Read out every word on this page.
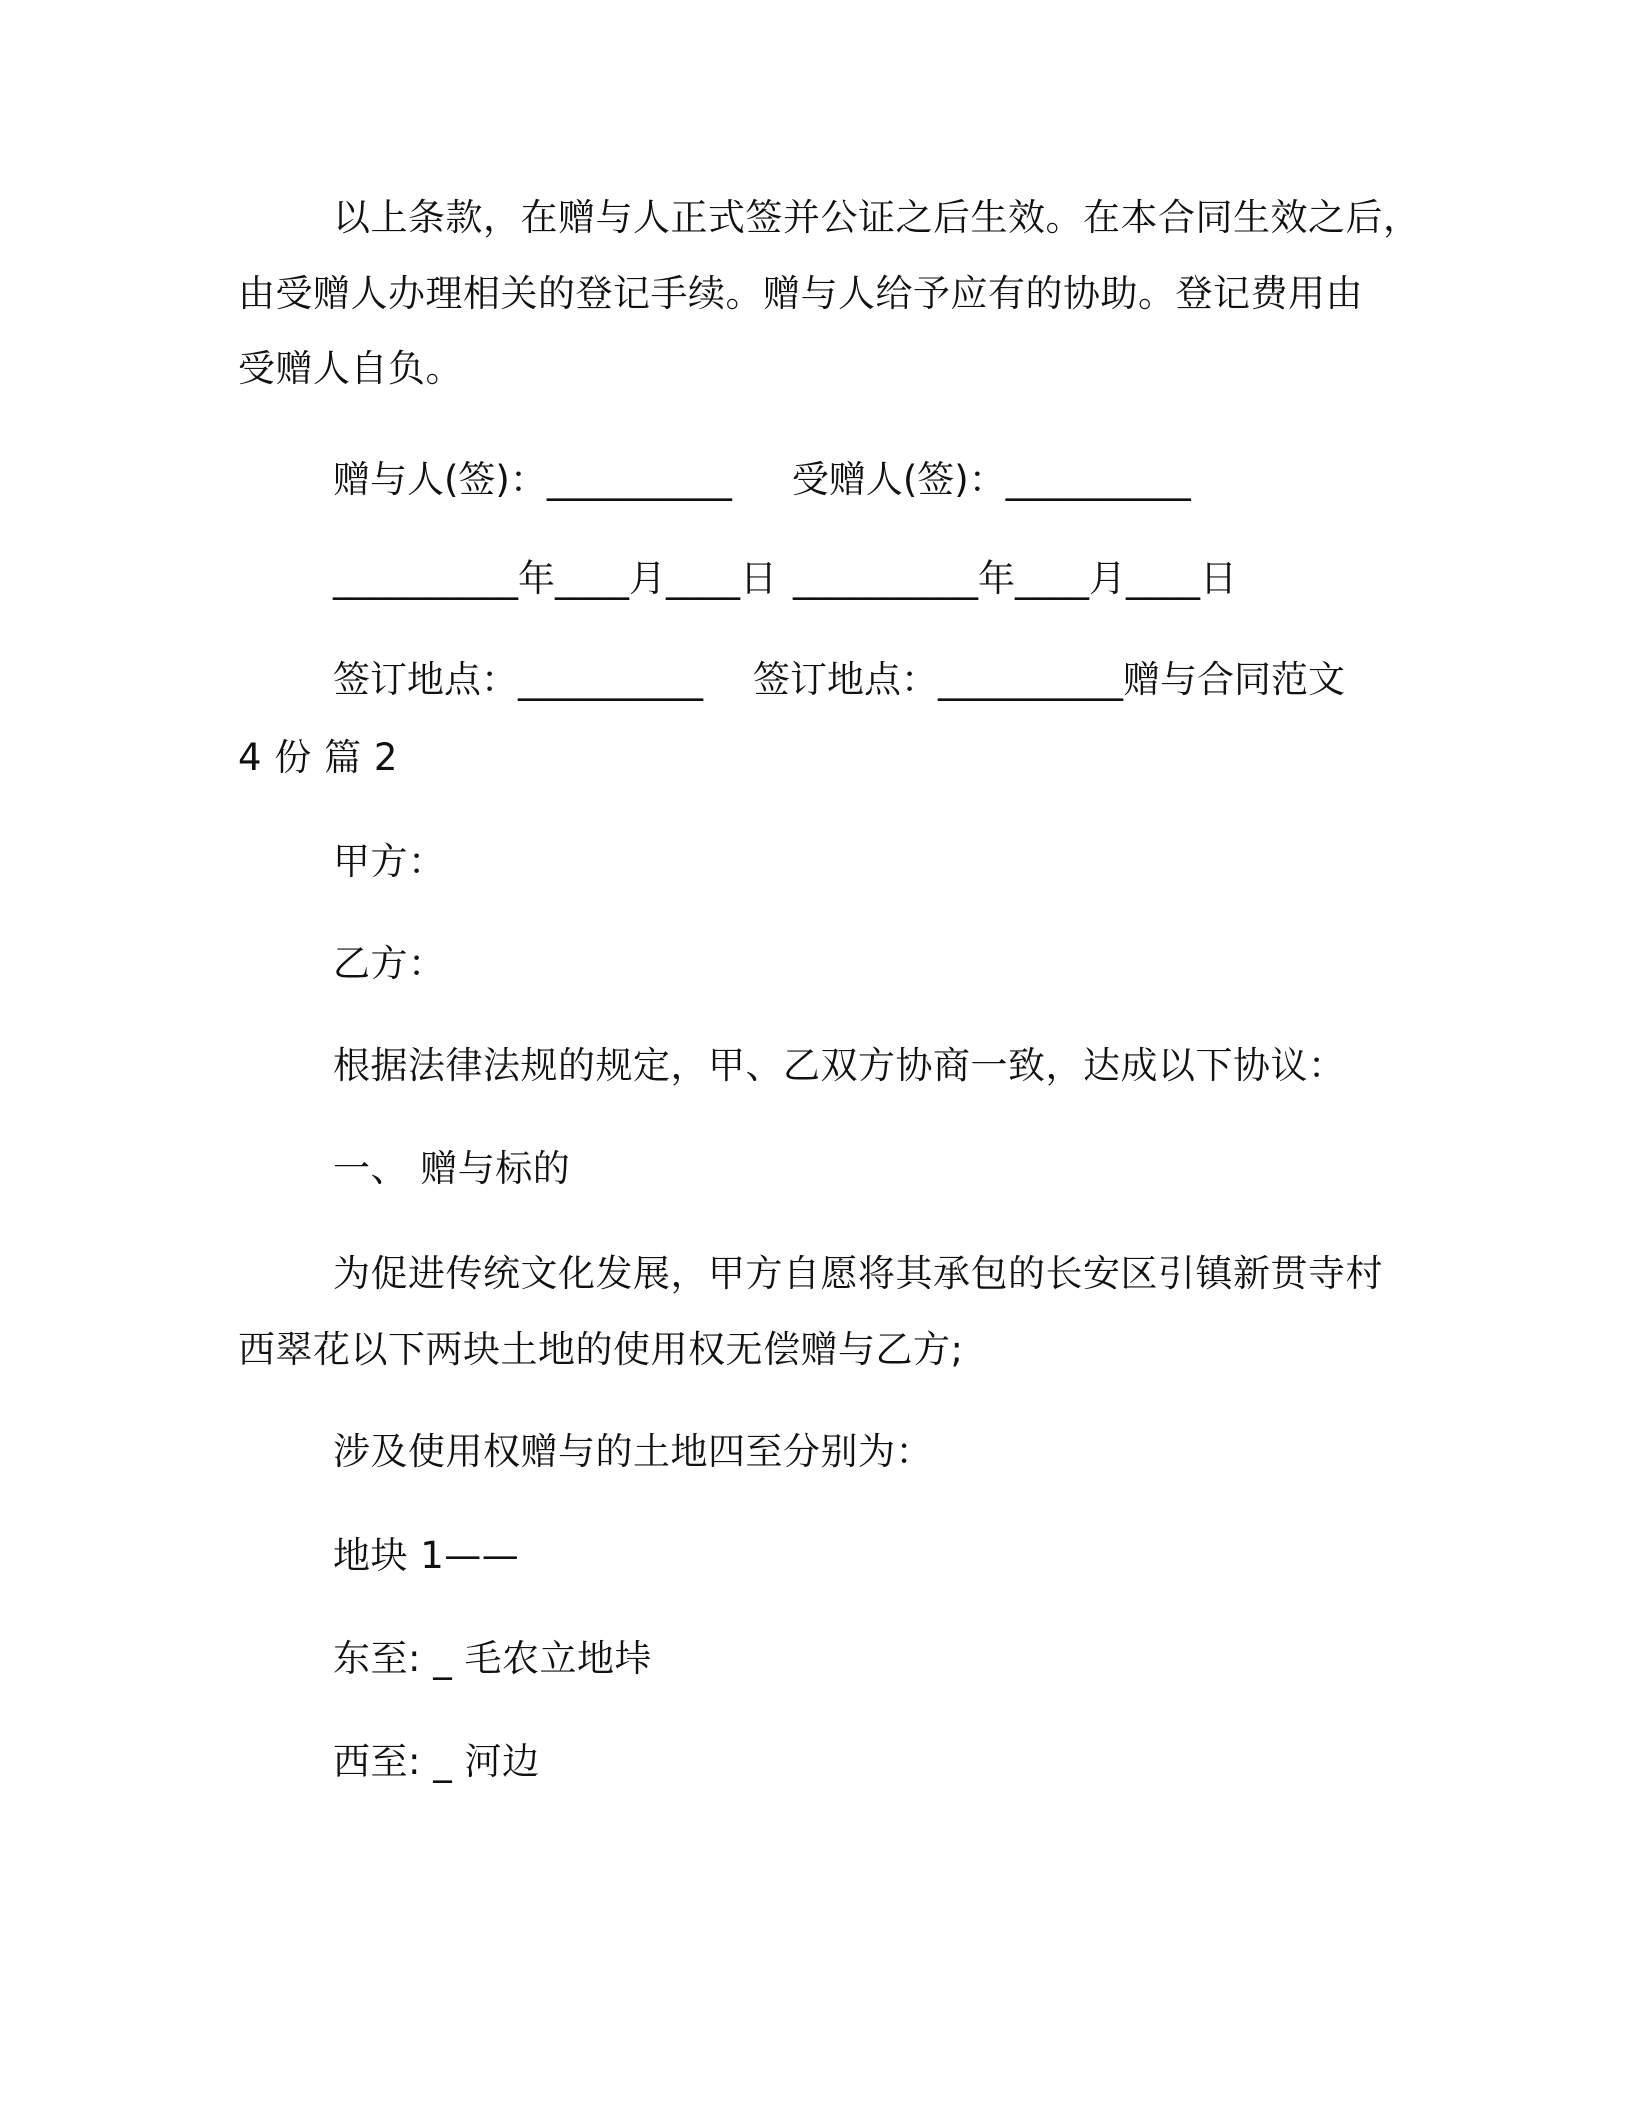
以上条款，在赠与人正式签并公证之后生效。在本合同生效之后，
由受赠人办理相关的登记手续。赠与人给予应有的协助。登记费用由
受赠人自负。
赠与人(签)：__________ 受赠人(签)：__________
__________年____月____日 __________年____月____日
签订地点：__________ 签订地点：__________赠与合同范文
4 份 篇 2
甲方：
乙方：
根据法律法规的规定，甲、乙双方协商一致，达成以下协议：
一、 赠与标的
为促进传统文化发展，甲方自愿将其承包的长安区引镇新贯寺村
西翠花以下两块土地的使用权无偿赠与乙方;
涉及使用权赠与的土地四至分别为：
地块 1——
东至: _ 毛农立地垰
西至: _ 河边
